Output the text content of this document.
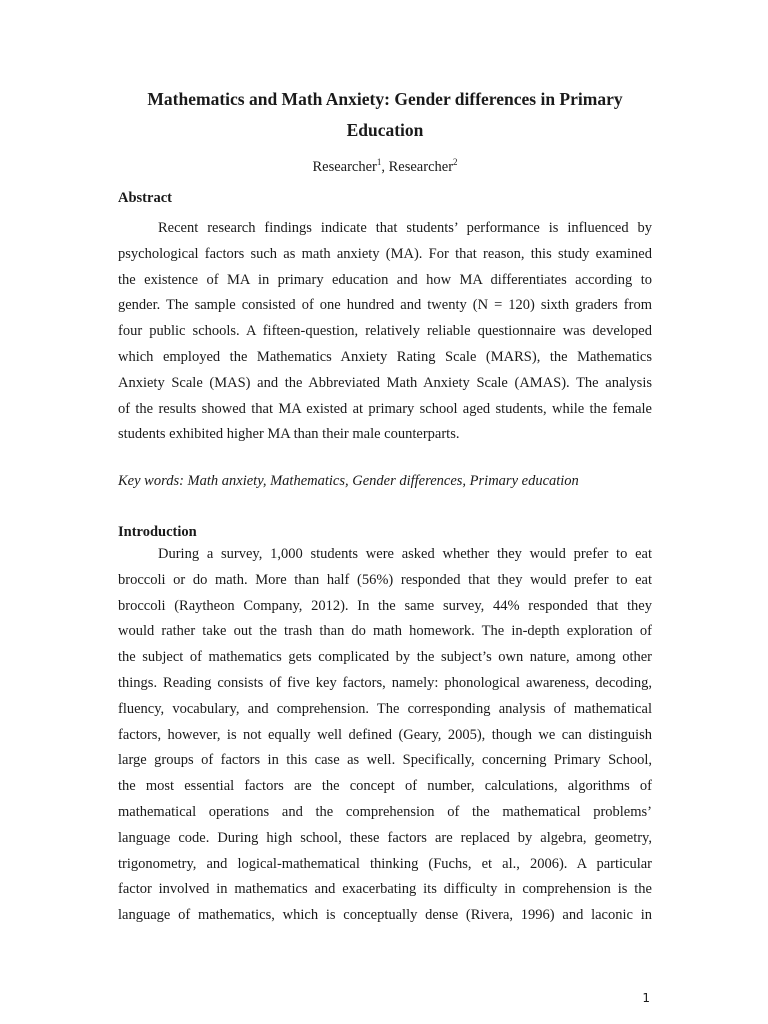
Mathematics and Math Anxiety: Gender differences in Primary Education
Researcher$^1$, Researcher$^2$
Abstract
Recent research findings indicate that students’ performance is influenced by
psychological factors such as math anxiety (MA). For that reason, this study examined
the existence of MA in primary education and how MA differentiates according to
gender. The sample consisted of one hundred and twenty (N = 120) sixth graders from
four public schools. A fifteen-question, relatively reliable questionnaire was developed
which employed the Mathematics Anxiety Rating Scale (MARS), the Mathematics
Anxiety Scale (MAS) and the Abbreviated Math Anxiety Scale (AMAS). The analysis
of the results showed that MA existed at primary school aged students, while the female
students exhibited higher MA than their male counterparts.
Key words: Math anxiety, Mathematics, Gender differences, Primary education
Introduction
During a survey, 1,000 students were asked whether they would prefer to eat
broccoli or do math. More than half (56%) responded that they would prefer to eat
broccoli (Raytheon Company, 2012). In the same survey, 44% responded that they
would rather take out the trash than do math homework. The in-depth exploration of
the subject of mathematics gets complicated by the subject’s own nature, among other
things. Reading consists of five key factors, namely: phonological awareness, decoding,
fluency, vocabulary, and comprehension. The corresponding analysis of mathematical
factors, however, is not equally well defined (Geary, 2005), though we can distinguish
large groups of factors in this case as well. Specifically, concerning Primary School,
the most essential factors are the concept of number, calculations, algorithms of
mathematical operations and the comprehension of the mathematical problems’
language code. During high school, these factors are replaced by algebra, geometry,
trigonometry, and logical-mathematical thinking (Fuchs, et al., 2006). A particular
factor involved in mathematics and exacerbating its difficulty in comprehension is the
language of mathematics, which is conceptually dense (Rivera, 1996) and laconic in
1
